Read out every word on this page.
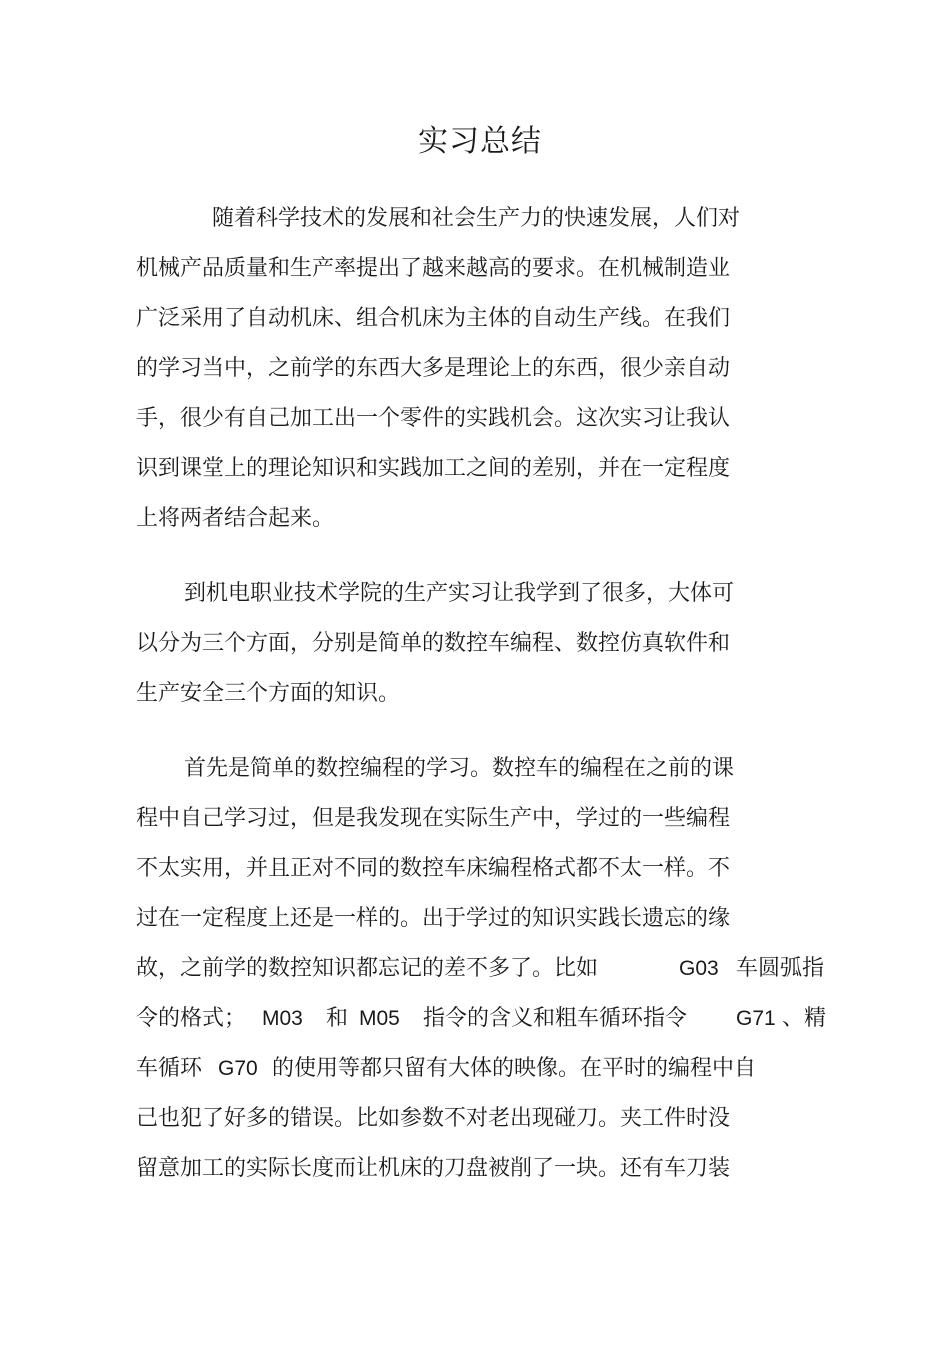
实习总结
随着科学技术的发展和社会生产力的快速发展，人们对
机械产品质量和生产率提出了越来越高的要求。在机械制造业
广泛采用了自动机床、组合机床为主体的自动生产线。在我们
的学习当中，之前学的东西大多是理论上的东西，很少亲自动
手，很少有自己加工出一个零件的实践机会。这次实习让我认
识到课堂上的理论知识和实践加工之间的差别，并在一定程度
上将两者结合起来。
到机电职业技术学院的生产实习让我学到了很多，大体可
以分为三个方面，分别是简单的数控车编程、数控仿真软件和
生产安全三个方面的知识。
首先是简单的数控编程的学习。数控车的编程在之前的课
程中自己学习过，但是我发现在实际生产中，学过的一些编程
不太实用，并且正对不同的数控车床编程格式都不太一样。不
过在一定程度上还是一样的。出于学过的知识实践长遗忘的缘
故，之前学的数控知识都忘记的差不多了。比如	G03 车圆弧指
令的格式； M03 和 M05 指令的含义和粗车循环指令 G71 、精
车循环 G70 的使用等都只留有大体的映像。在平时的编程中自
己也犯了好多的错误。比如参数不对老出现碰刀。夹工件时没
留意加工的实际长度而让机床的刀盘被削了一块。还有车刀装
